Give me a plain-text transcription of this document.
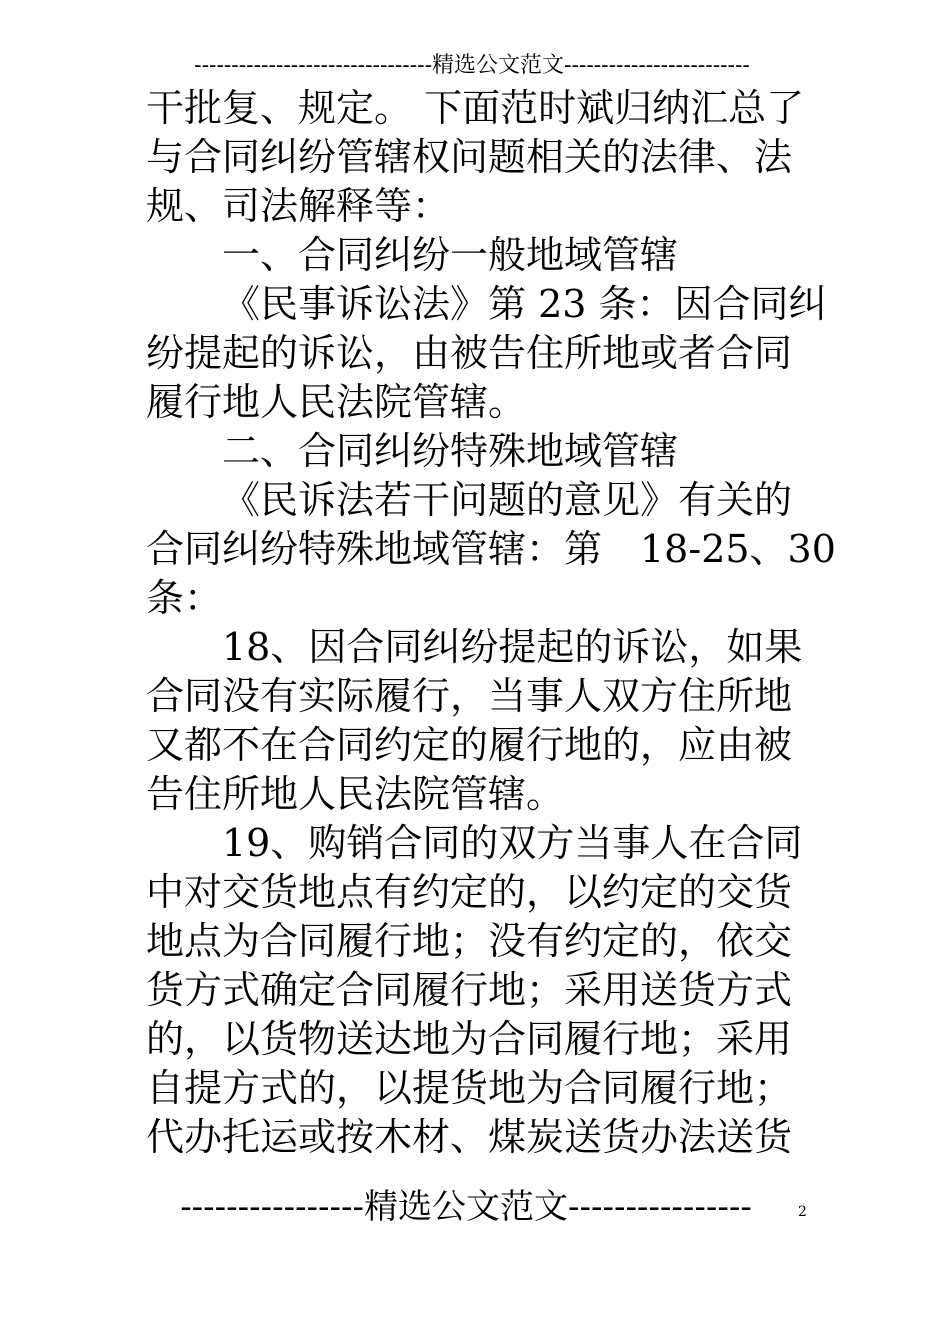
--------------------------------精选公文范文-------------------------
干批复、规定。 下面范时斌归纳汇总了
与合同纠纷管辖权问题相关的法律、法
规、司法解释等：
一、合同纠纷一般地域管辖
《民事诉讼法》第 23 条：因合同纠
纷提起的诉讼，由被告住所地或者合同
履行地人民法院管辖。
二、合同纠纷特殊地域管辖
《民诉法若干问题的意见》有关的
合同纠纷特殊地域管辖：第　18-25、30
条：
18、因合同纠纷提起的诉讼，如果
合同没有实际履行，当事人双方住所地
又都不在合同约定的履行地的，应由被
告住所地人民法院管辖。
19、购销合同的双方当事人在合同
中对交货地点有约定的，以约定的交货
地点为合同履行地；没有约定的，依交
货方式确定合同履行地；采用送货方式
的，以货物送达地为合同履行地；采用
自提方式的，以提货地为合同履行地；
代办托运或按木材、煤炭送货办法送货
----------------精选公文范文----------------	2
